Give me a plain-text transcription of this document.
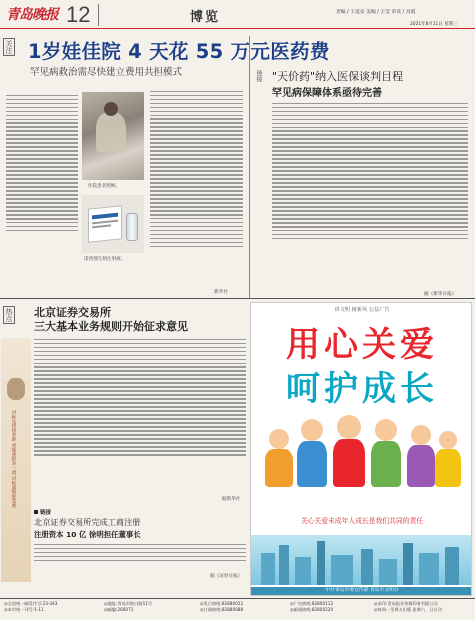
青岛晚报 12	博览	责编 / 王延安 美编 / 王莹 审读 / 昌霞
2021年8月11日 星期三
关注 1岁娃佳院 4 天花 55 万元医药费
罕见病救治需尽快建立费用共担模式
住院患者照顾。
诺西那生钠注射液。
新华社
链接 "天价药"纳入医保谈判目程
罕见病保障体系亟待完善
据《新华日报》
热点 北京证券交易所
三大基本业务规则开始征求意见
据新华社
链接
北京证券交易所完成工商注册
注册资本 10 亿 徐明担任董事长
据《证券日报》
对标先进找差距 勇挑重担争一流 对标深圳促发展
讲文明 树新风 公益广告
用心关爱
呵护成长
关心关爱未成年人成长是我们共同的责任
中共青岛市委宣传部 青岛市文明办
◎全国统一邮发代号:23-343
◎本市统一刊号:1-11
◎地址:青岛市海口路11号
◎邮编:266071
◎发行热线:82880022
◎订阅热线:82880088
◎广告热线:82800112
◎新闻热线:82800220
◎承印:青岛报业传媒印务有限公司
◎每周一至周五出版 星期六、日合刊
